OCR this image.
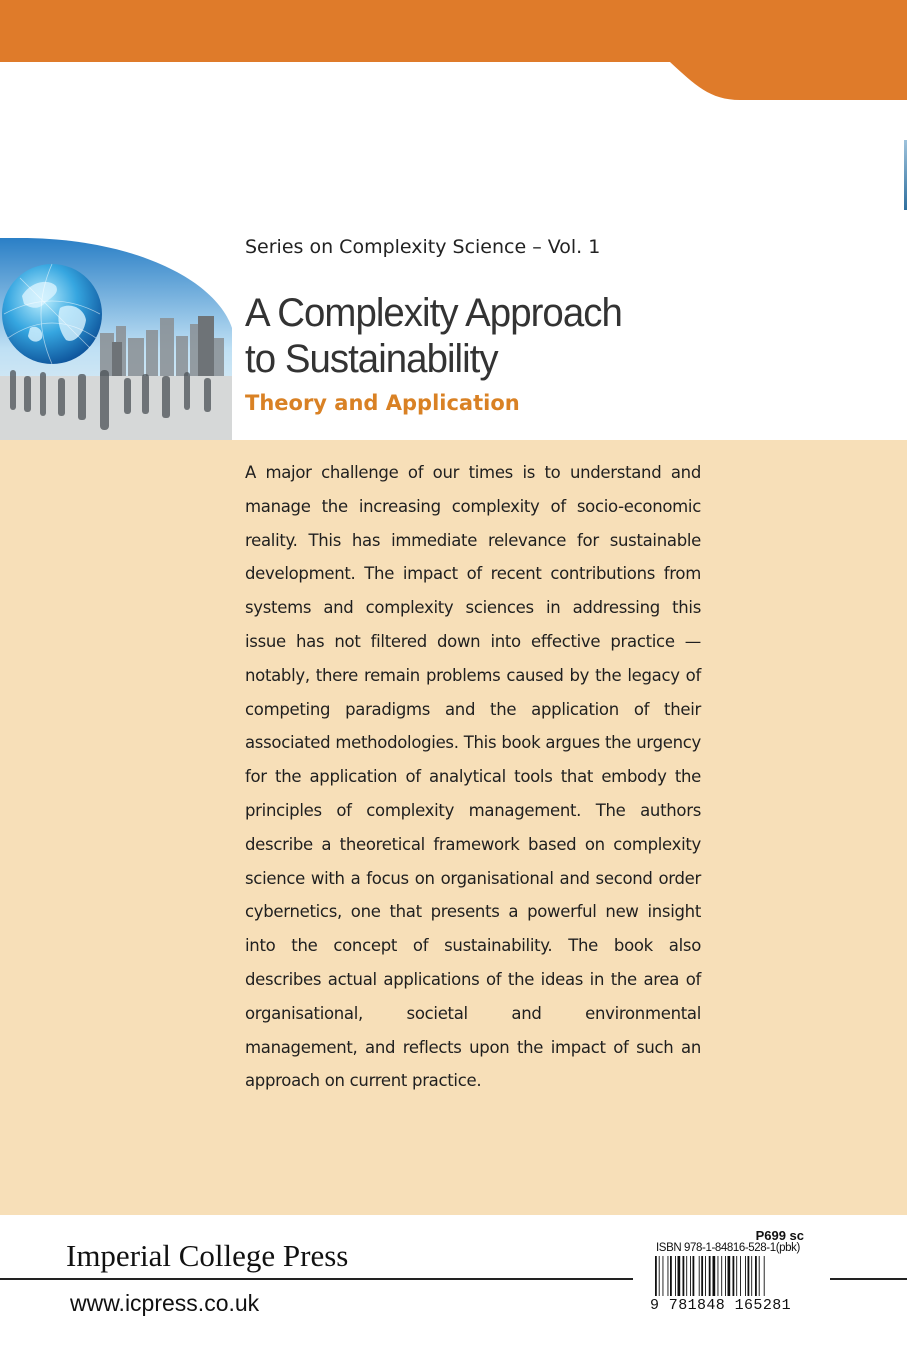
Series on Complexity Science – Vol. 1
A Complexity Approach to Sustainability
Theory and Application

A major challenge of our times is to understand and manage the increasing complexity of socio-economic reality. This has immediate relevance for sustainable development. The impact of recent contributions from systems and complexity sciences in addressing this issue has not filtered down into effective practice — notably, there remain problems caused by the legacy of competing paradigms and the application of their associated methodologies. This book argues the urgency for the application of analytical tools that embody the principles of complexity management. The authors describe a theoretical framework based on complexity science with a focus on organisational and second order cybernetics, one that presents a powerful new insight into the concept of sustainability. The book also describes actual applications of the ideas in the area of organisational, societal and environmental management, and reflects upon the impact of such an approach on current practice.

Imperial College Press
www.icpress.co.uk
P699 sc
ISBN 978-1-84816-528-1(pbk)
9 781848 165281
